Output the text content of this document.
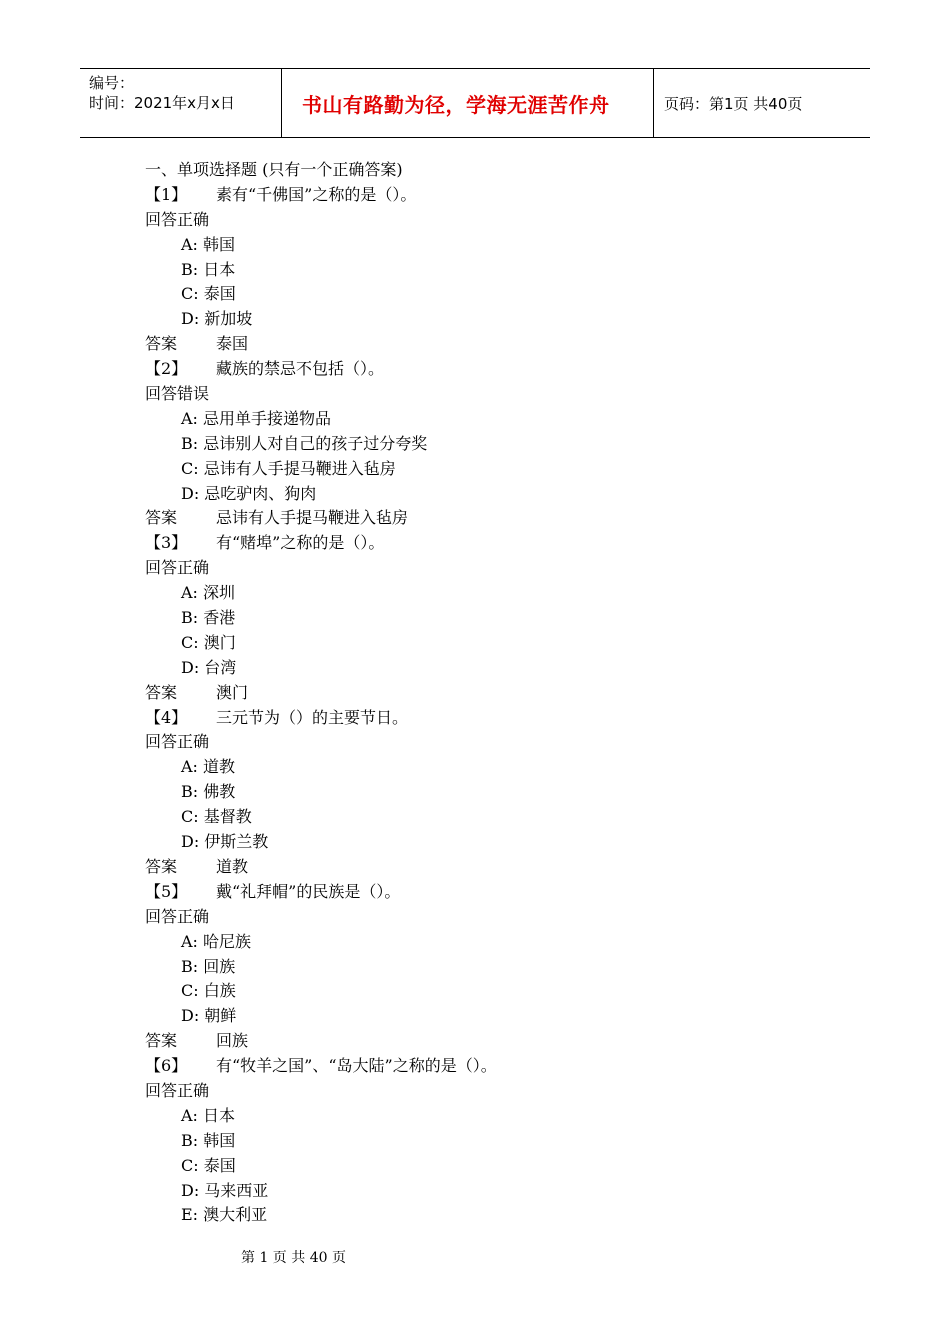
编号：
时间：2021年x月x日	书山有路勤为径，学海无涯苦作舟	页码：第1页 共40页
一、单项选择题 (只有一个正确答案)
【1】 素有“千佛国”之称的是（）。
回答正确
A: 韩国
B: 日本
C: 泰国
D: 新加坡
答案 泰国
【2】 藏族的禁忌不包括（）。
回答错误
A: 忌用单手接递物品
B: 忌讳别人对自己的孩子过分夸奖
C: 忌讳有人手提马鞭进入毡房
D: 忌吃驴肉、狗肉
答案 忌讳有人手提马鞭进入毡房
【3】 有“赌埠”之称的是（）。
回答正确
A: 深圳
B: 香港
C: 澳门
D: 台湾
答案 澳门
【4】 三元节为（）的主要节日。
回答正确
A: 道教
B: 佛教
C: 基督教
D: 伊斯兰教
答案 道教
【5】 戴“礼拜帽”的民族是（）。
回答正确
A: 哈尼族
B: 回族
C: 白族
D: 朝鲜
答案 回族
【6】 有“牧羊之国”、“岛大陆”之称的是（）。
回答正确
A: 日本
B: 韩国
C: 泰国
D: 马来西亚
E: 澳大利亚
第 1 页 共 40 页
